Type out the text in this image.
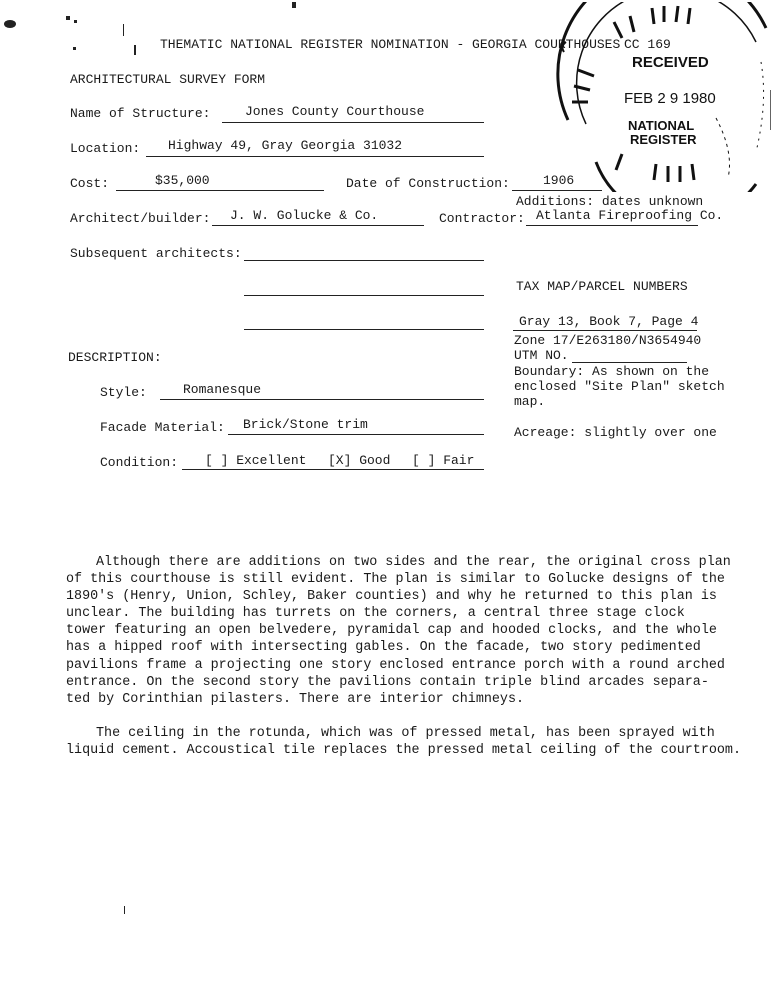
THEMATIC NATIONAL REGISTER NOMINATION - GEORGIA COURTHOUSES CC 169
RECEIVED
FEB 2 9 1980
NATIONAL
REGISTER
ARCHITECTURAL SURVEY FORM
Name of Structure:	Jones County Courthouse
Location: Highway 49, Gray Georgia 31032
Cost:	$35,000	Date of Construction:	1906
Additions: dates unknown
Architect/builder: J. W. Golucke & Co.	Contractor: Atlanta Fireproofing Co.
Subsequent architects:
TAX MAP/PARCEL NUMBERS
Gray 13, Book 7, Page 4
Zone 17/E263180/N3654940
UTM NO.
Boundary: As shown on the
enclosed "Site Plan" sketch
map.
Acreage: slightly over one
DESCRIPTION:
Style:	Romanesque
Facade Material: Brick/Stone trim
Condition: [ ] Excellent [X] Good [ ] Fair
Although there are additions on two sides and the rear, the original cross plan
of this courthouse is still evident. The plan is similar to Golucke designs of the
1890's (Henry, Union, Schley, Baker counties) and why he returned to this plan is
unclear. The building has turrets on the corners, a central three stage clock
tower featuring an open belvedere, pyramidal cap and hooded clocks, and the whole
has a hipped roof with intersecting gables. On the facade, two story pedimented
pavilions frame a projecting one story enclosed entrance porch with a round arched
entrance. On the second story the pavilions contain triple blind arcades separa-
ted by Corinthian pilasters. There are interior chimneys.
The ceiling in the rotunda, which was of pressed metal, has been sprayed with
liquid cement. Accoustical tile replaces the pressed metal ceiling of the courtroom.
